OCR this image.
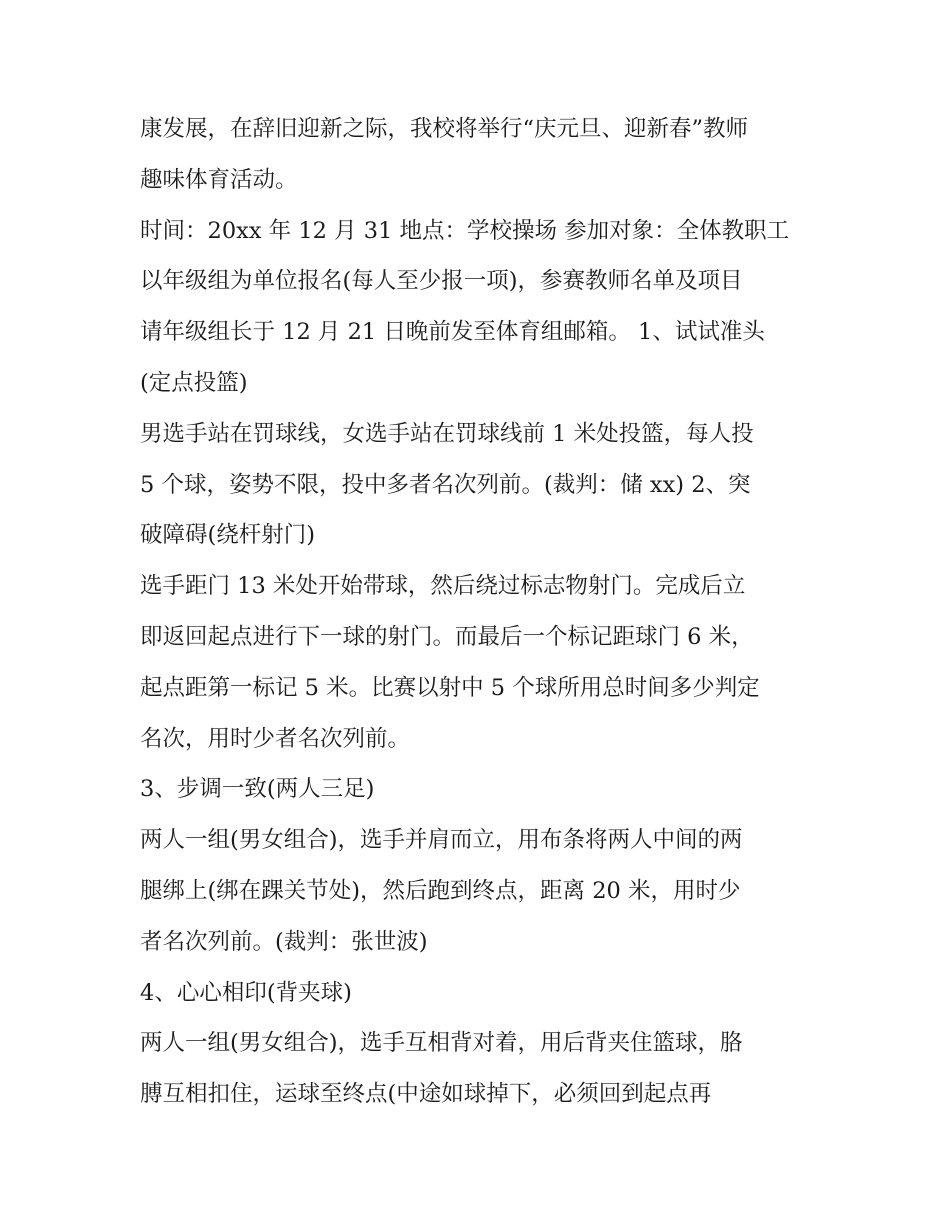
康发展，在辞旧迎新之际，我校将举行“庆元旦、迎新春”教师
趣味体育活动。
时间：20xx 年 12 月 31 地点：学校操场 参加对象：全体教职工
以年级组为单位报名(每人至少报一项)，参赛教师名单及项目
请年级组长于 12 月 21 日晚前发至体育组邮箱。 1、试试准头
(定点投篮)
男选手站在罚球线，女选手站在罚球线前 1 米处投篮，每人投
5 个球，姿势不限，投中多者名次列前。(裁判：储 xx) 2、突
破障碍(绕杆射门)
选手距门 13 米处开始带球，然后绕过标志物射门。完成后立
即返回起点进行下一球的射门。而最后一个标记距球门 6 米，
起点距第一标记 5 米。比赛以射中 5 个球所用总时间多少判定
名次，用时少者名次列前。
3、步调一致(两人三足)
两人一组(男女组合)，选手并肩而立，用布条将两人中间的两
腿绑上(绑在踝关节处)，然后跑到终点，距离 20 米，用时少
者名次列前。(裁判：张世波)
4、心心相印(背夹球)
两人一组(男女组合)，选手互相背对着，用后背夹住篮球，胳
膊互相扣住，运球至终点(中途如球掉下，必须回到起点再
